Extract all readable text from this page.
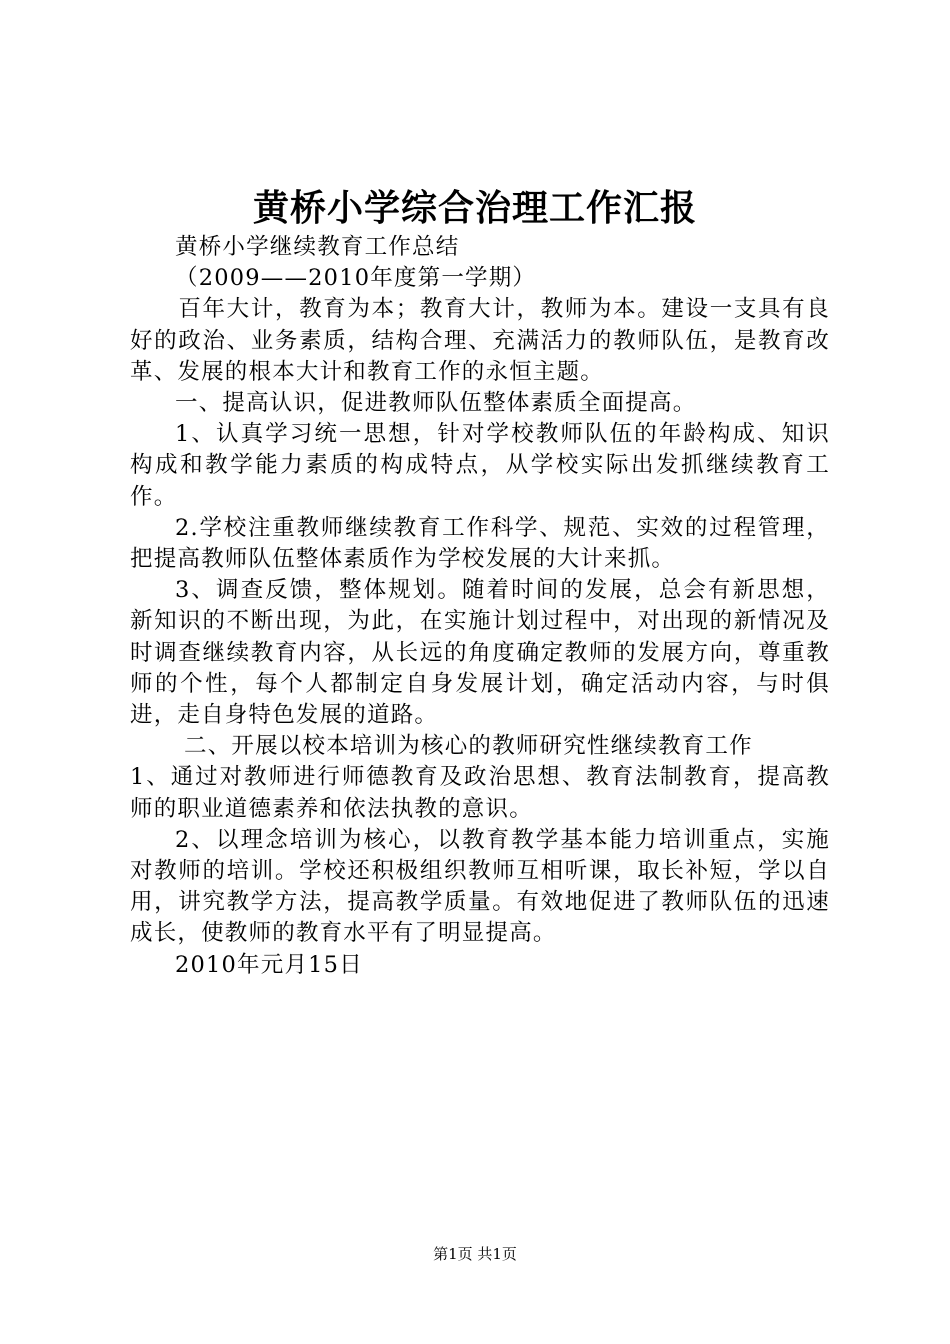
黄桥小学综合治理工作汇报

黄桥小学继续教育工作总结

（2009——2010年度第一学期）

百年大计，教育为本；教育大计，教师为本。建设一支具有良好的政治、业务素质，结构合理、充满活力的教师队伍，是教育改革、发展的根本大计和教育工作的永恒主题。

一、提高认识，促进教师队伍整体素质全面提高。

1、认真学习统一思想，针对学校教师队伍的年龄构成、知识构成和教学能力素质的构成特点，从学校实际出发抓继续教育工作。

2.学校注重教师继续教育工作科学、规范、实效的过程管理，把提高教师队伍整体素质作为学校发展的大计来抓。

3、调查反馈，整体规划。随着时间的发展，总会有新思想，新知识的不断出现，为此，在实施计划过程中，对出现的新情况及时调查继续教育内容，从长远的角度确定教师的发展方向，尊重教师的个性，每个人都制定自身发展计划，确定活动内容，与时俱进，走自身特色发展的道路。

二、开展以校本培训为核心的教师研究性继续教育工作

1、通过对教师进行师德教育及政治思想、教育法制教育，提高教师的职业道德素养和依法执教的意识。

2、以理念培训为核心，以教育教学基本能力培训重点，实施对教师的培训。学校还积极组织教师互相听课，取长补短，学以自用，讲究教学方法，提高教学质量。有效地促进了教师队伍的迅速成长，使教师的教育水平有了明显提高。

2010年元月15日

第1页 共1页
